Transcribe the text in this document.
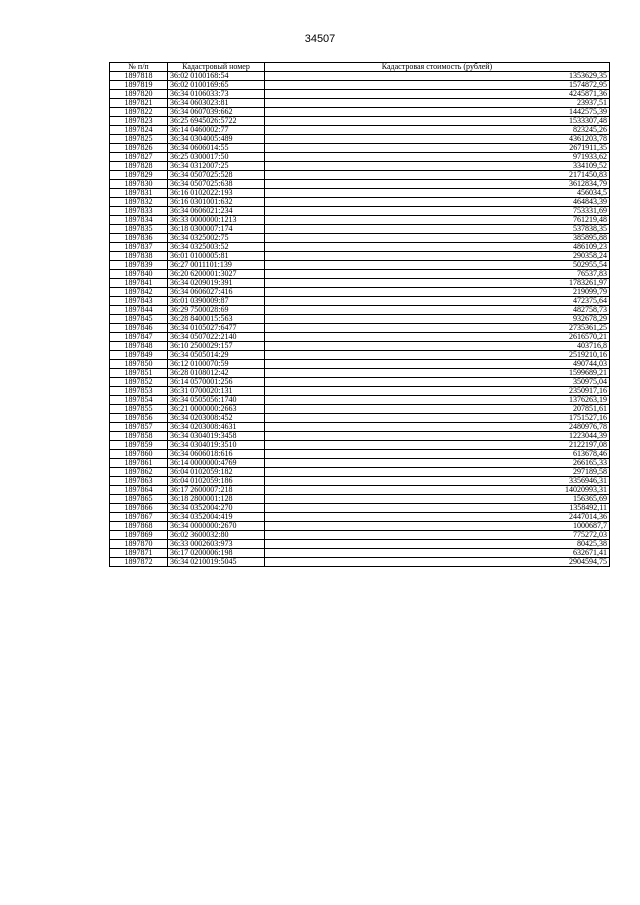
34507
№ п/п	Кадастровый номер	Кадастровая стоимость (рублей)
1897818	36:02 0100168:54	1353629,35
1897819	36:02 0100169:65	1574872,95
1897820	36:34 0106033:73	4245871,36
1897821	36:34 0603023:81	23937,51
1897822	36:34 0607039:662	1442575,39
1897823	36:25 6945026:5722	1533307,48
1897824	36:14 0460002:77	823245,26
1897825	36:34 0304005:489	4361203,78
1897826	36:34 0606014:55	2671911,35
1897827	36:25 0300017:50	971933,62
1897828	36:34 0312007:25	334109,52
1897829	36:34 0507025:528	2171450,83
1897830	36:34 0507025:638	3612834,79
1897831	36:16 0102022:193	456034,5
1897832	36:16 0301001:632	464843,39
1897833	36:34 0606021:234	753331,69
1897834	36:33 0000000:1213	761219,48
1897835	36:18 0300007:174	537838,35
1897836	36:34 0325002:75	385895,88
1897837	36:34 0325003:52	486109,23
1897838	36:01 0100005:81	290358,24
1897839	36:27 0011101:139	502955,54
1897840	36:20 6200001:3027	76537,83
1897841	36:34 0209019:391	1783261,97
1897842	36:34 0606027:416	219099,79
1897843	36:01 0390009:87	472375,64
1897844	36:29 7500028:69	482758,73
1897845	36:28 8400015:563	932678,29
1897846	36:34 0105027:6477	2735361,25
1897847	36:34 0507022:2140	2616570,21
1897848	36:10 2500029:157	403716,8
1897849	36:34 0505014:29	2519210,16
1897850	36:12 0100070:59	490744,03
1897851	36:28 0108012:42	1599689,21
1897852	36:14 0570001:256	350975,04
1897853	36:31 0700020:131	2350917,16
1897854	36:34 0505056:1740	1376263,19
1897855	36:21 0000000:2663	207851,61
1897856	36:34 0203008:452	1751527,16
1897857	36:34 0203008:4631	2480976,78
1897858	36:34 0304019:3458	1223044,39
1897859	36:34 0304019:3510	2122197,08
1897860	36:34 0606018:616	613678,46
1897861	36:14 0000000:4769	266165,33
1897862	36:04 0102059:182	297189,58
1897863	36:04 0102059:186	3356946,31
1897864	36:17 2600007:218	14020993,31
1897865	36:18 2800001:128	156365,69
1897866	36:34 0352004:270	1358492,11
1897867	36:34 0352004:419	2447014,36
1897868	36:34 0000000:2670	1000687,7
1897869	36:02 3600032:80	775272,03
1897870	36:33 0002603:973	80425,38
1897871	36:17 0200006:198	632671,41
1897872	36:34 0210019:5045	2904594,75
